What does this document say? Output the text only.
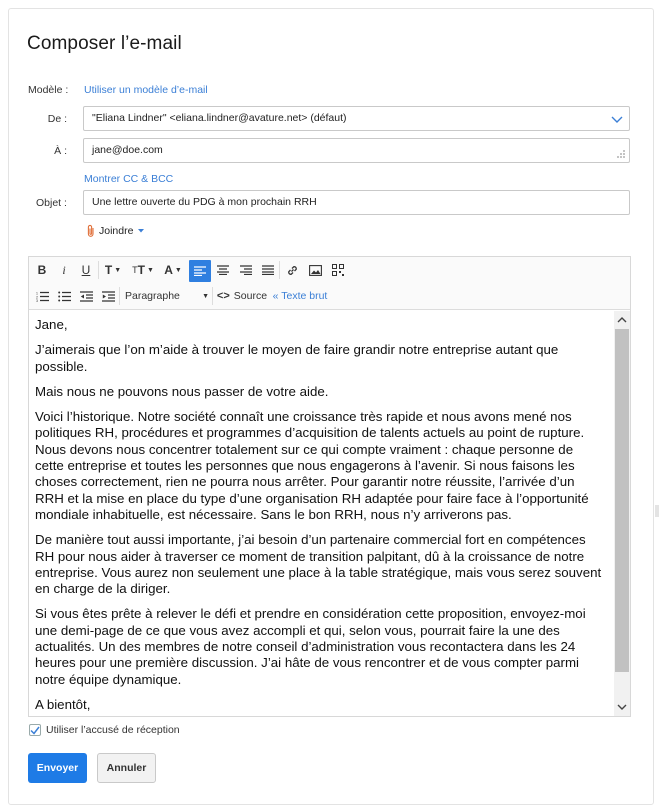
Composer l’e-mail
Modèle : Utiliser un modèle d’e-mail
De :	"Eliana Lindner" <eliana.lindner@avature.net> (défaut)
À :	jane@doe.com
Montrer CC & BCC
Objet :	Une lettre ouverte du PDG à mon prochain RRH
Joindre
B	i	U	T ▼ T T ▼ A ▼
1
2
3	Paragraphe	▼ <> Source « Texte brut

Jane,

J’aimerais que l’on m’aide à trouver le moyen de faire grandir notre entreprise autant que possible.

Mais nous ne pouvons nous passer de votre aide.

Voici l’historique. Notre société connaît une croissance très rapide et nous avons mené nos politiques RH, procédures et programmes d’acquisition de talents actuels au point de rupture. Nous devons nous concentrer totalement sur ce qui compte vraiment : chaque personne de cette entreprise et toutes les personnes que nous engagerons à l’avenir. Si nous faisons les choses correctement, rien ne pourra nous arrêter. Pour garantir notre réussite, l’arrivée d’un RRH et la mise en place du type d’une organisation RH adaptée pour faire face à l’opportunité mondiale inhabituelle, est nécessaire. Sans le bon RRH, nous n’y arriverons pas.

De manière tout aussi importante, j’ai besoin d’un partenaire commercial fort en compétences RH pour nous aider à traverser ce moment de transition palpitant, dû à la croissance de notre entreprise. Vous aurez non seulement une place à la table stratégique, mais vous serez souvent en charge de la diriger.

Si vous êtes prête à relever le défi et prendre en considération cette proposition, envoyez-moi une demi-page de ce que vous avez accompli et qui, selon vous, pourrait faire la une des actualités. Un des membres de notre conseil d’administration vous recontactera dans les 24 heures pour une première discussion. J’ai hâte de vous rencontrer et de vous compter parmi notre équipe dynamique.

A bientôt,

Utiliser l’accusé de réception
Envoyer	Annuler
